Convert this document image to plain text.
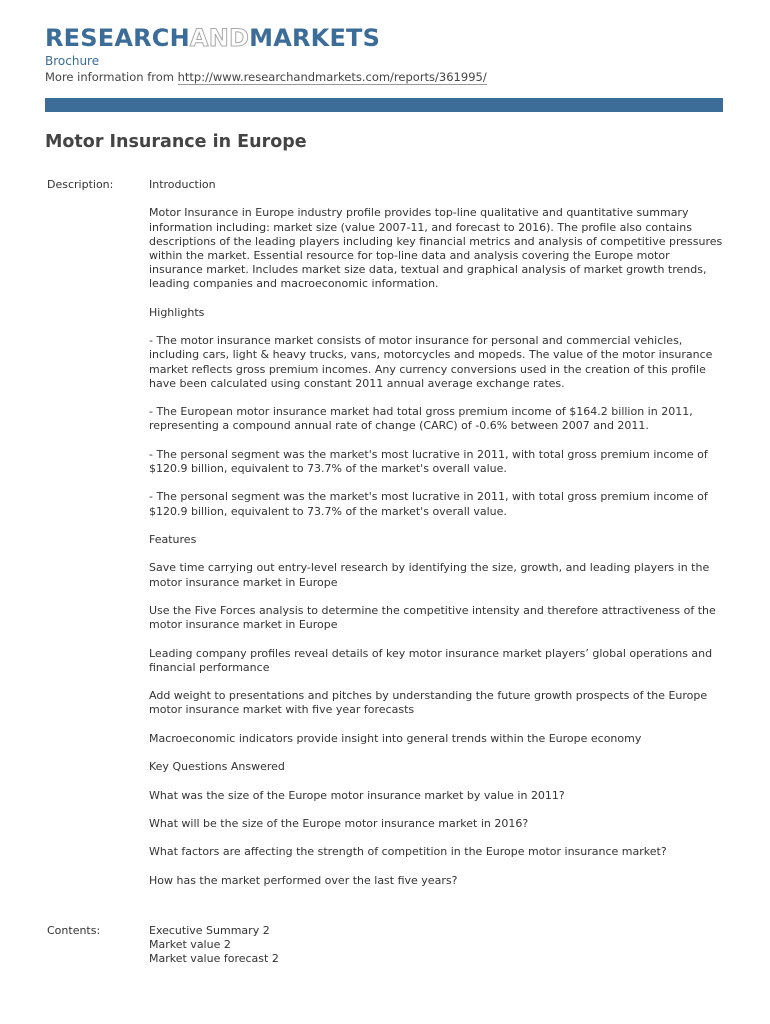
RESEARCHANDMARKETS
Brochure
More information from http://www.researchandmarkets.com/reports/361995/
Motor Insurance in Europe
Description:	Introduction

Motor Insurance in Europe industry profile provides top-line qualitative and quantitative summary information including: market size (value 2007-11, and forecast to 2016). The profile also contains descriptions of the leading players including key financial metrics and analysis of competitive pressures within the market. Essential resource for top-line data and analysis covering the Europe motor insurance market. Includes market size data, textual and graphical analysis of market growth trends, leading companies and macroeconomic information.

Highlights

- The motor insurance market consists of motor insurance for personal and commercial vehicles, including cars, light & heavy trucks, vans, motorcycles and mopeds. The value of the motor insurance market reflects gross premium incomes. Any currency conversions used in the creation of this profile have been calculated using constant 2011 annual average exchange rates.

- The European motor insurance market had total gross premium income of $164.2 billion in 2011, representing a compound annual rate of change (CARC) of -0.6% between 2007 and 2011.

- The personal segment was the market's most lucrative in 2011, with total gross premium income of $120.9 billion, equivalent to 73.7% of the market's overall value.

- The personal segment was the market's most lucrative in 2011, with total gross premium income of $120.9 billion, equivalent to 73.7% of the market's overall value.

Features

Save time carrying out entry-level research by identifying the size, growth, and leading players in the motor insurance market in Europe

Use the Five Forces analysis to determine the competitive intensity and therefore attractiveness of the motor insurance market in Europe

Leading company profiles reveal details of key motor insurance market players’ global operations and financial performance

Add weight to presentations and pitches by understanding the future growth prospects of the Europe motor insurance market with five year forecasts

Macroeconomic indicators provide insight into general trends within the Europe economy

Key Questions Answered

What was the size of the Europe motor insurance market by value in 2011?

What will be the size of the Europe motor insurance market in 2016?

What factors are affecting the strength of competition in the Europe motor insurance market?

How has the market performed over the last five years?

Contents:	Executive Summary 2
Market value 2
Market value forecast 2
